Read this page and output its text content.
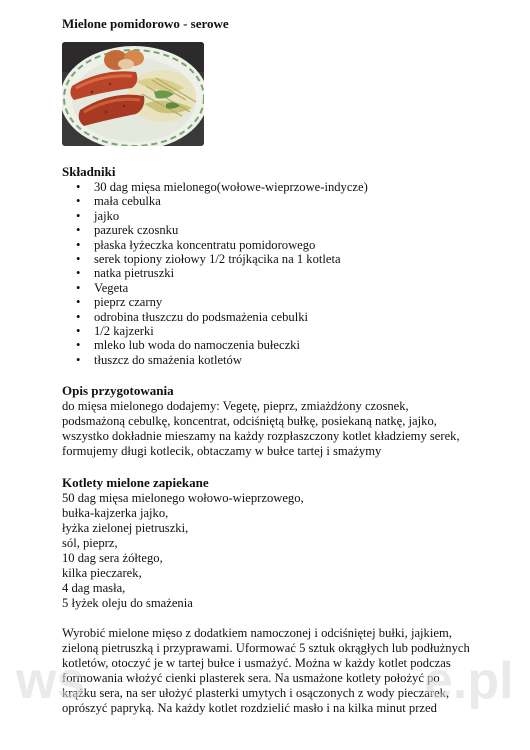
Mielone pomidorowo - serowe
Składniki
• 30 dag mięsa mielonego(wołowe-wieprzowe-indycze)
• mała cebulka
• jajko
• pazurek czosnku
• płaska łyżeczka koncentratu pomidorowego
• serek topiony ziołowy 1/2 trójkącika na 1 kotleta
• natka pietruszki
• Vegeta
• pieprz czarny
• odrobina tłuszczu do podsmażenia cebulki
• 1/2 kajzerki
• mleko lub woda do namoczenia bułeczki
• tłuszcz do smażenia kotletów
Opis przygotowania

do mięsa mielonego dodajemy: Vegetę, pieprz, zmiażdżony czosnek,
podsmażoną cebulkę, koncentrat, odciśniętą bułkę, posiekaną natkę, jajko,
wszystko dokładnie mieszamy na każdy rozpłaszczony kotlet kładziemy serek,
formujemy długi kotlecik, obtaczamy w bułce tartej i smażymy

Kotlety mielone zapiekane
50 dag mięsa mielonego wołowo-wieprzowego,
bułka-kajzerka jajko,
łyżka zielonej pietruszki,
sól, pieprz,
10 dag sera żółtego,
kilka pieczarek,
4 dag masła,
5 łyżek oleju do smażenia
Wyrobić mielone mięso z dodatkiem namoczonej i odciśniętej bułki, jajkiem,
zieloną pietruszką i przyprawami. Uformować 5 sztuk okrągłych lub podłużnych
kotletów, otoczyć je w tartej bułce i usmażyć. Można w każdy kotlet podczas
formowania włożyć cienki plasterek sera. Na usmażone kotlety położyć po
krążku sera, na ser ułożyć plasterki umytych i osączonych z wody pieczarek,
oprószyć papryką. Na każdy kotlet rozdzielić masło i na kilka minut przed
ws	e.pl
